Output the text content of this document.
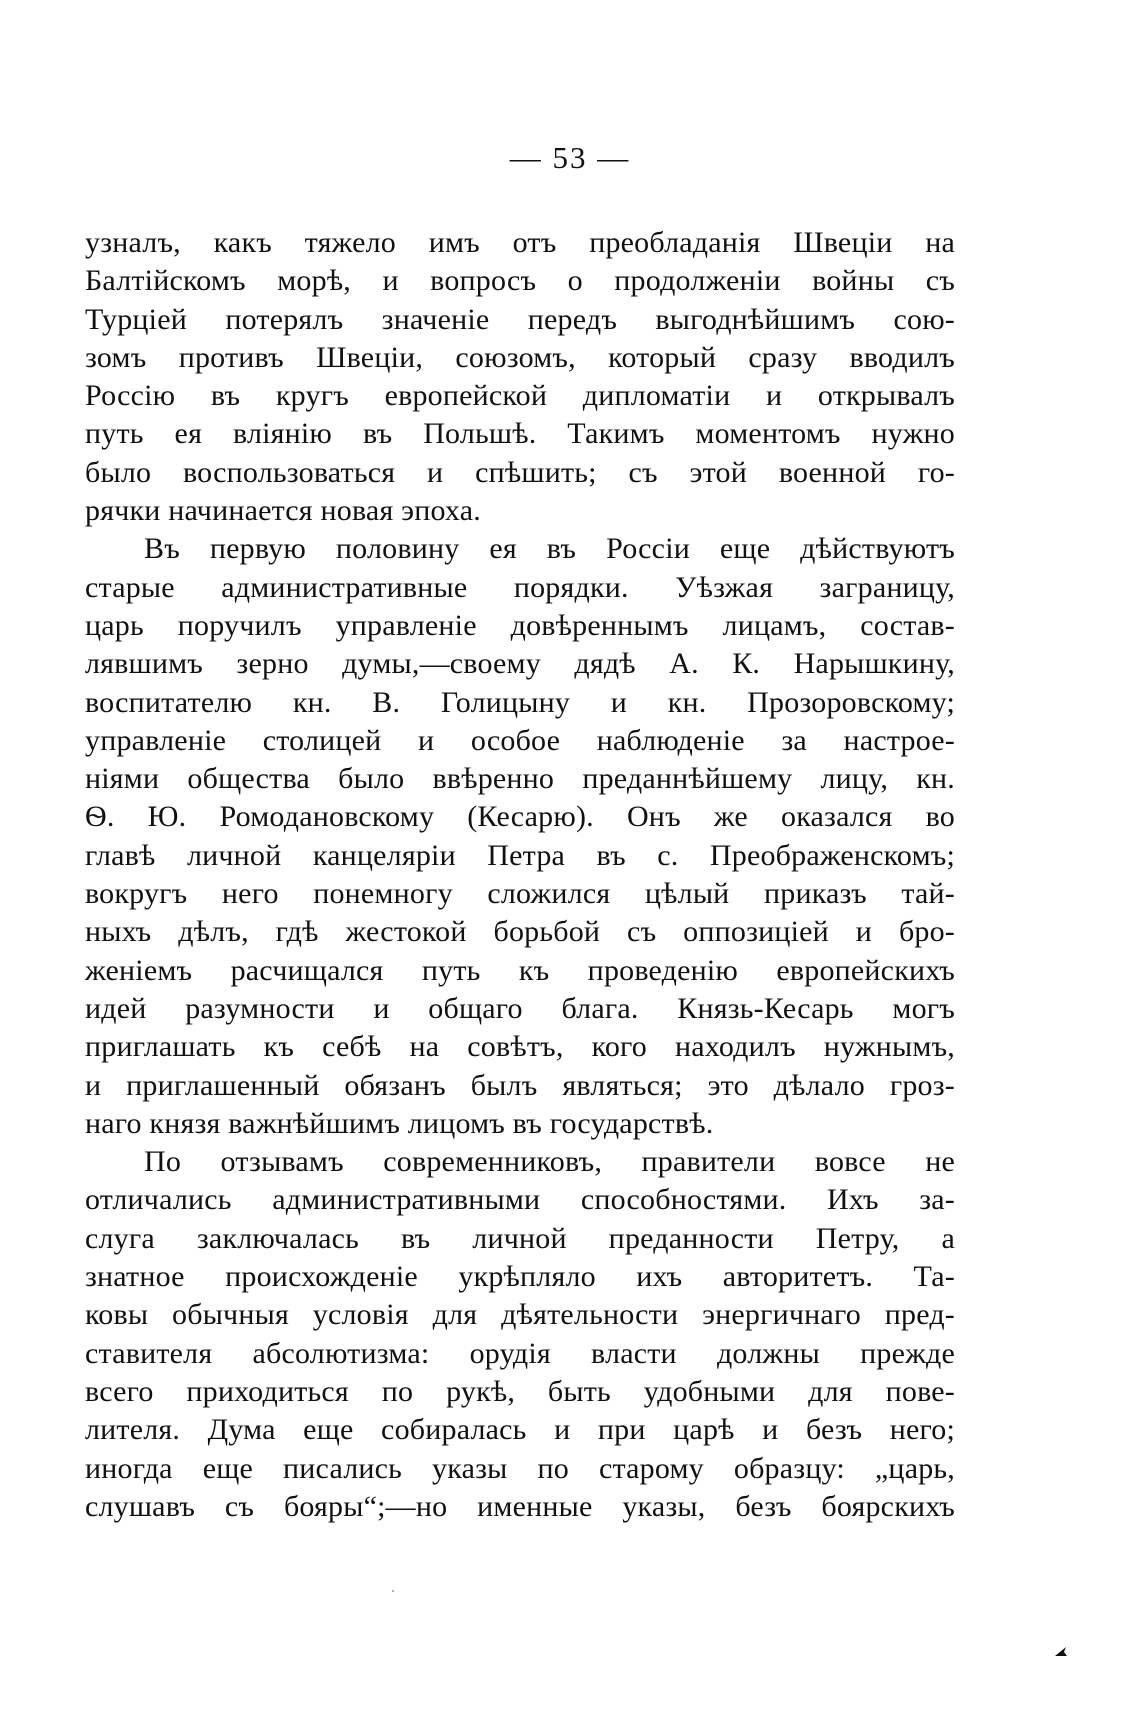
— 53 —
узналъ, какъ тяжело имъ отъ преобладанія Швеціи на
Балтійскомъ морѣ, и вопросъ о продолженіи войны съ
Турціей потерялъ значеніе передъ выгоднѣйшимъ сою-
зомъ противъ Швеціи, союзомъ, который сразу вводилъ
Россію въ кругъ европейской дипломатіи и открывалъ
путь ея вліянію въ Польшѣ. Такимъ моментомъ нужно
было воспользоваться и спѣшить; съ этой военной го-
рячки начинается новая эпоха.
Въ первую половину ея въ Россіи еще дѣйствуютъ
старые административные порядки. Уѣзжая заграницу,
царь поручилъ управленіе довѣреннымъ лицамъ, состав-
лявшимъ зерно думы,—своему дядѣ А. К. Нарышкину,
воспитателю кн. В. Голицыну и кн. Прозоровскому;
управленіе столицей и особое наблюденіе за настрое-
ніями общества было ввѣренно преданнѣйшему лицу, кн.
Ѳ. Ю. Ромодановскому (Кесарю). Онъ же оказался во
главѣ личной канцеляріи Петра въ с. Преображенскомъ;
вокругъ него понемногу сложился цѣлый приказъ тай-
ныхъ дѣлъ, гдѣ жестокой борьбой съ оппозиціей и бро-
женіемъ расчищался путь къ проведенію европейскихъ
идей разумности и общаго блага. Князь-Кесарь могъ
приглашать къ себѣ на совѣтъ, кого находилъ нужнымъ,
и приглашенный обязанъ былъ являться; это дѣлало гроз-
наго князя важнѣйшимъ лицомъ въ государствѣ.
По отзывамъ современниковъ, правители вовсе не
отличались административными способностями. Ихъ за-
слуга заключалась въ личной преданности Петру, а
знатное происхожденіе укрѣпляло ихъ авторитетъ. Та-
ковы обычныя условія для дѣятельности энергичнаго пред-
ставителя абсолютизма: орудія власти должны прежде
всего приходиться по рукѣ, быть удобными для пове-
лителя. Дума еще собиралась и при царѣ и безъ него;
иногда еще писались указы по старому образцу: „царь,
слушавъ съ бояры“;—но именные указы, безъ боярскихъ
